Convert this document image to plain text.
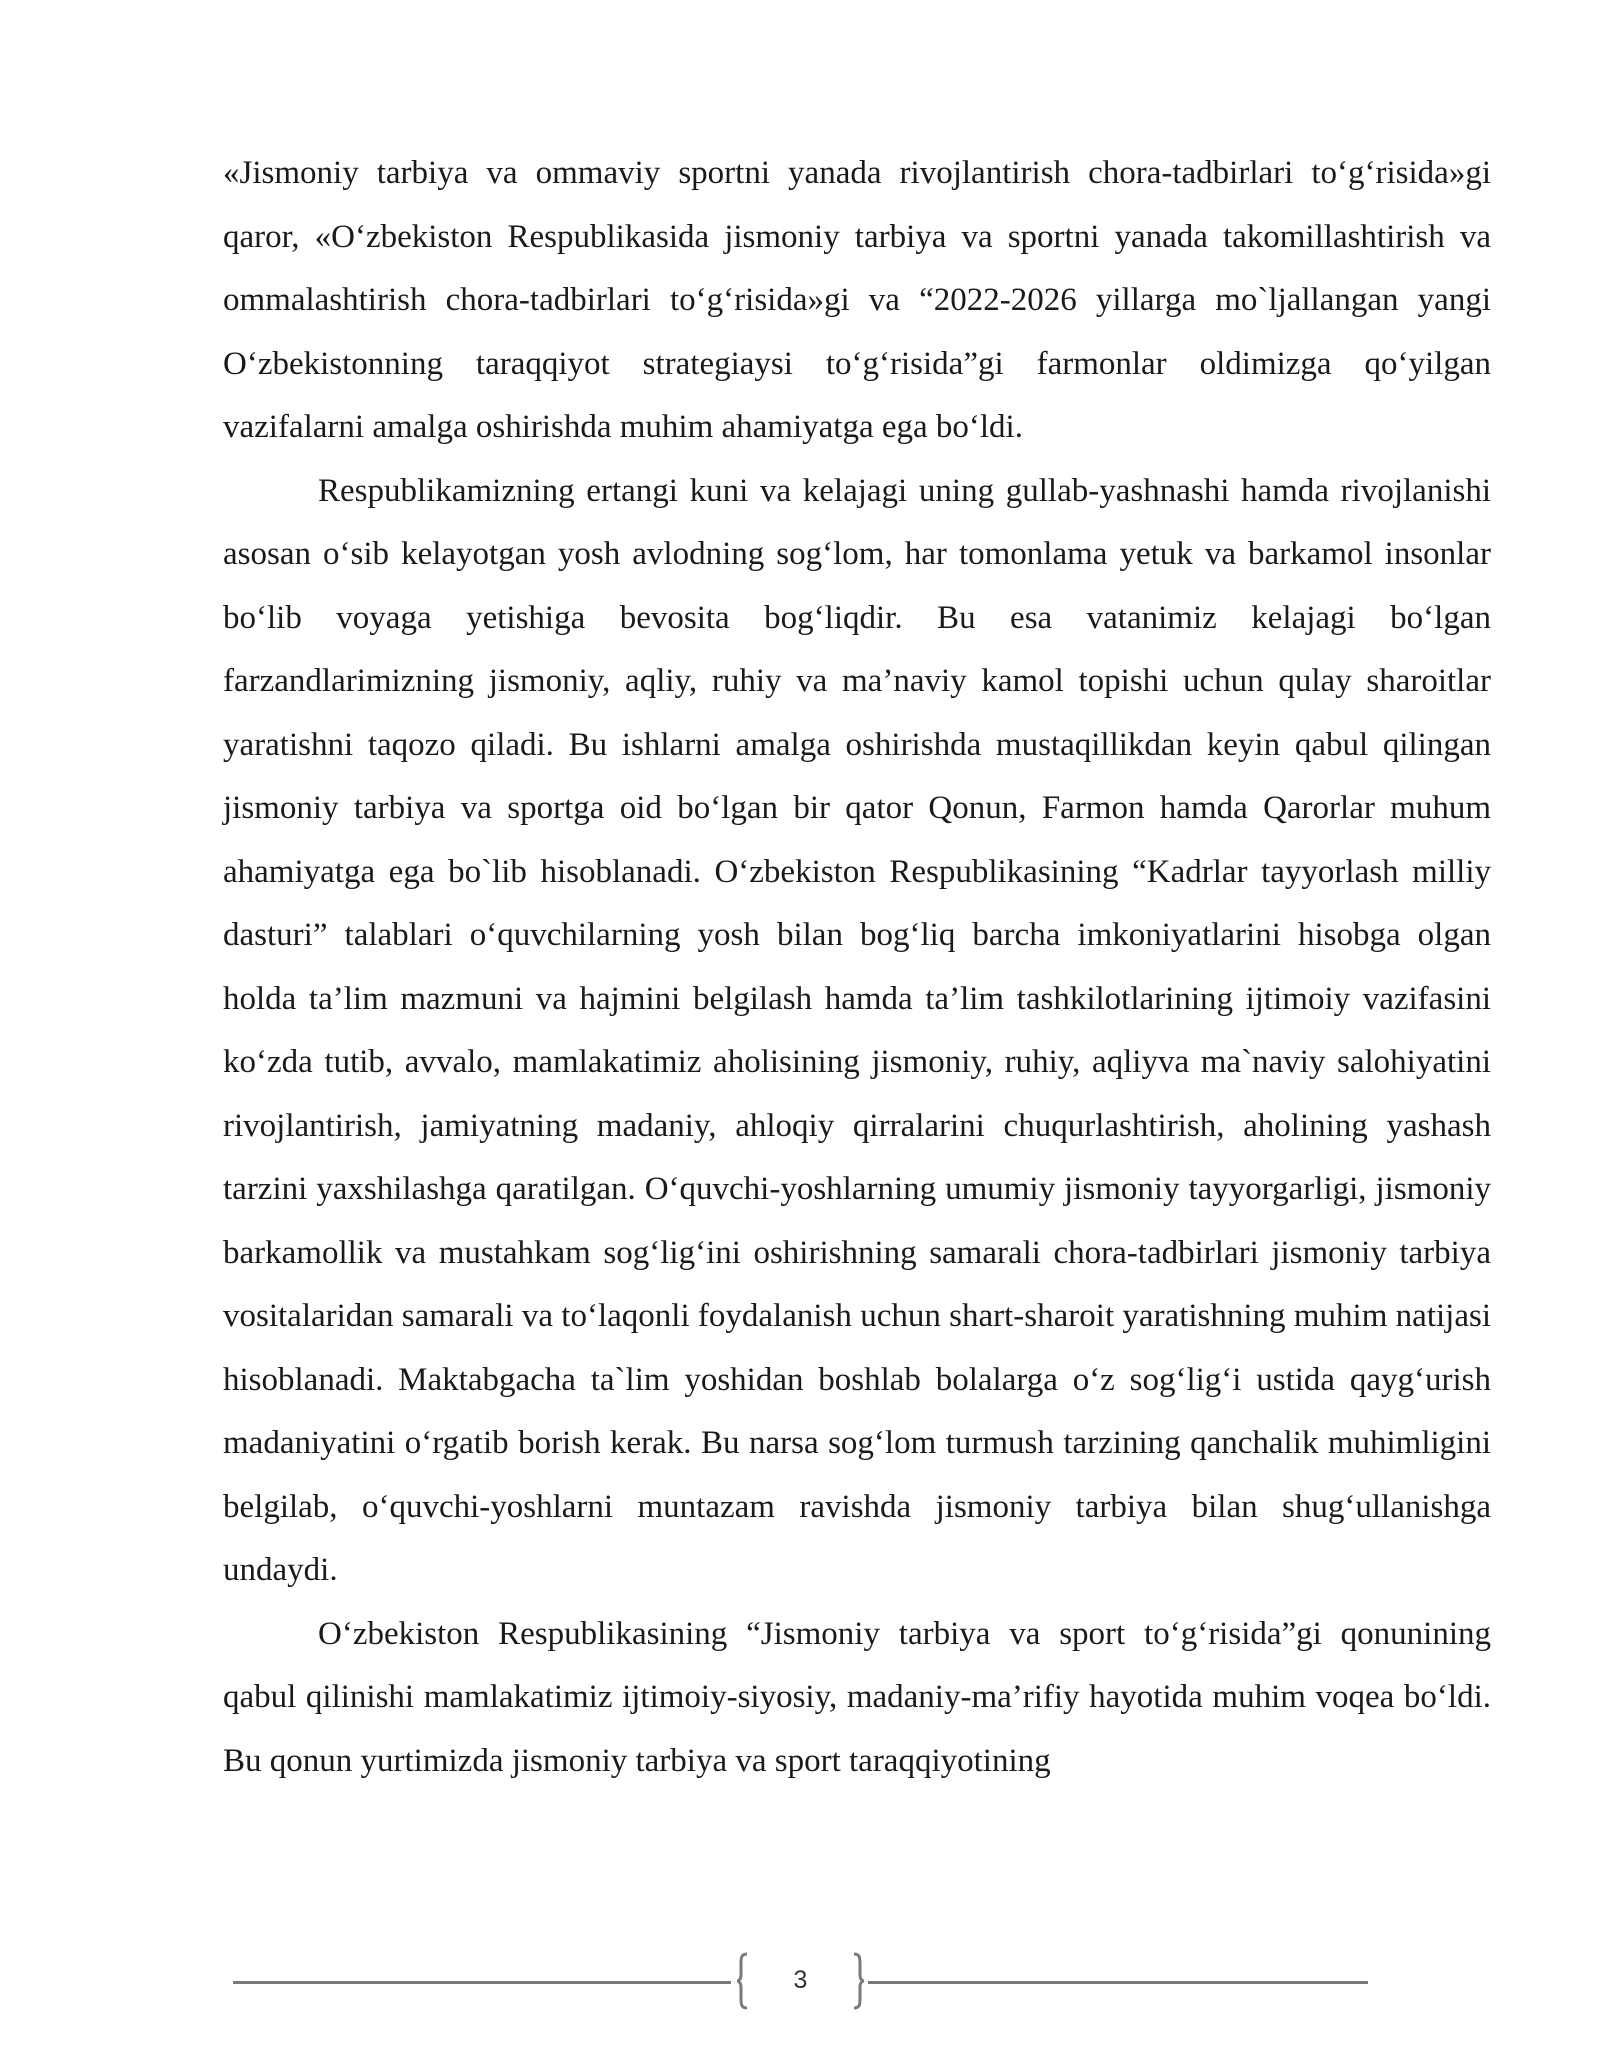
«Jismoniy tarbiya va ommaviy sportni yanada rivojlantirish chora-tadbirlari to‘g‘risida»gi qaror, «O‘zbekiston Respublikasida jismoniy tarbiya va sportni yanada takomillashtirish va ommalashtirish chora-tadbirlari to‘g‘risida»gi va “2022-2026 yillarga mo`ljallangan yangi O‘zbekistonning taraqqiyot strategiaysi to‘g‘risida”gi farmonlar oldimizga qo‘yilgan vazifalarni amalga oshirishda muhim ahamiyatga ega bo‘ldi.

Respublikamizning ertangi kuni va kelajagi uning gullab-yashnashi hamda rivojlanishi asosan o‘sib kelayotgan yosh avlodning sog‘lom, har tomonlama yetuk va barkamol insonlar bo‘lib voyaga yetishiga bevosita bog‘liqdir. Bu esa vatanimiz kelajagi bo‘lgan farzandlarimizning jismoniy, aqliy, ruhiy va ma’naviy kamol topishi uchun qulay sharoitlar yaratishni taqozo qiladi. Bu ishlarni amalga oshirishda mustaqillikdan keyin qabul qilingan jismoniy tarbiya va sportga oid bo‘lgan bir qator Qonun, Farmon hamda Qarorlar muhum ahamiyatga ega bo`lib hisoblanadi. O‘zbekiston Respublikasining “Kadrlar tayyorlash milliy dasturi” talablari o‘quvchilarning yosh bilan bog‘liq barcha imkoniyatlarini hisobga olgan holda ta’lim mazmuni va hajmini belgilash hamda ta’lim tashkilotlarining ijtimoiy vazifasini ko‘zda tutib, avvalo, mamlakatimiz aholisining jismoniy, ruhiy, aqliyva ma`naviy salohiyatini rivojlantirish, jamiyatning madaniy, ahloqiy qirralarini chuqurlashtirish, aholining yashash tarzini yaxshilashga qaratilgan. O‘quvchi-yoshlarning umumiy jismoniy tayyorgarligi, jismoniy barkamollik va mustahkam sog‘lig‘ini oshirishning samarali chora-tadbirlari jismoniy tarbiya vositalaridan samarali va to‘laqonli foydalanish uchun shart-sharoit yaratishning muhim natijasi hisoblanadi. Maktabgacha ta`lim yoshidan boshlab bolalarga o‘z sog‘lig‘i ustida qayg‘urish madaniyatini o‘rgatib borish kerak. Bu narsa sog‘lom turmush tarzining qanchalik muhimligini belgilab, o‘quvchi-yoshlarni muntazam ravishda jismoniy tarbiya bilan shug‘ullanishga undaydi.

O‘zbekiston Respublikasining “Jismoniy tarbiya va sport to‘g‘risida”gi qonunining qabul qilinishi mamlakatimiz ijtimoiy-siyosiy, madaniy-ma’rifiy hayotida muhim voqea bo‘ldi. Bu qonun yurtimizda jismoniy tarbiya va sport taraqqiyotining

3
